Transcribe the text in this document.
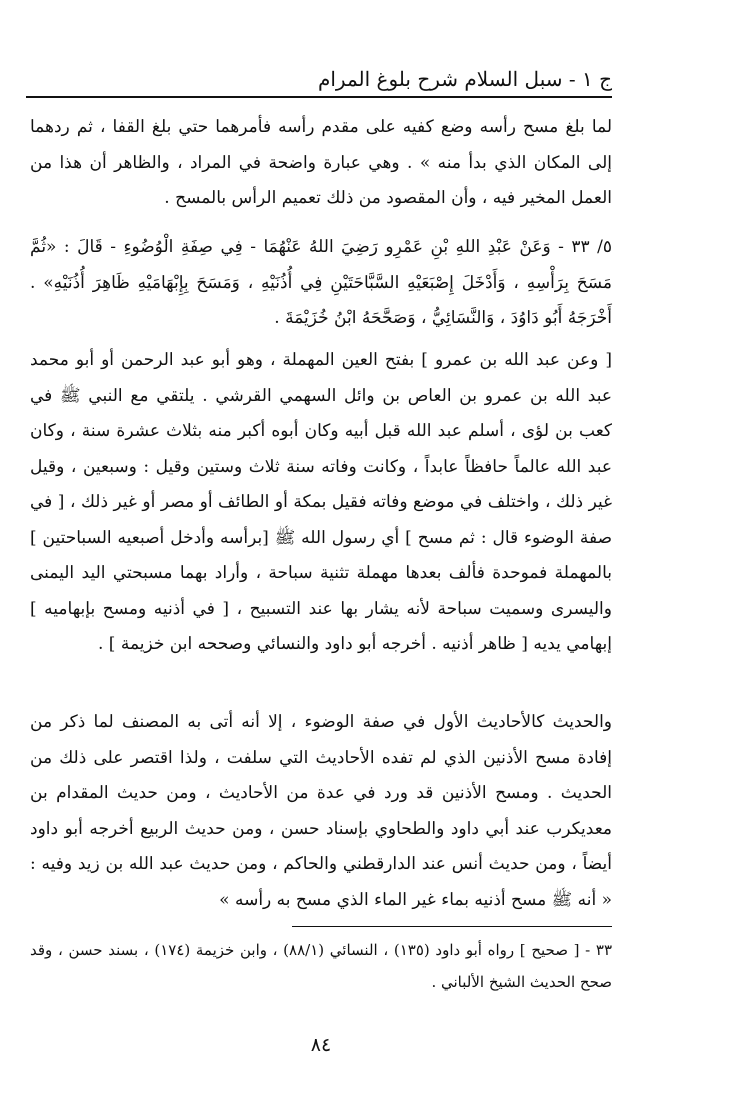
ج ١ - سبل السلام شرح بلوغ المرام

لما بلغ مسح رأسه وضع كفيه على مقدم رأسه فأمرهما حتي بلغ القفا ، ثم ردهما إلى المكان الذي بدأ منه » . وهي عبارة واضحة في المراد ، والظاهر أن هذا من العمل المخير فيه ، وأن المقصود من ذلك تعميم الرأس بالمسح .

٥/ ٣٣ - وَعَنْ عَبْدِ اللهِ بْنِ عَمْرِو رَضِيَ اللهُ عَنْهُمَا - فِي صِفَةِ الْوُضُوءِ - قَالَ : «ثُمَّ مَسَحَ بِرَأْسِهِ ، وَأَدْخَلَ إِصْبَعَيْهِ السَّبَّاحَتَيْنِ فِي أُذُنَيْهِ ، وَمَسَحَ بِإِبْهَامَيْهِ ظَاهِرَ أُذُنَيْهِ» . أَخْرَجَهُ أَبُو دَاوُدَ ، وَالنَّسَائِيُّ ، وَصَحَّحَهُ ابْنُ خُزَيْمَةَ .

[ وعن عبد الله بن عمرو ] بفتح العين المهملة ، وهو أبو عبد الرحمن أو أبو محمد عبد الله بن عمرو بن العاص بن وائل السهمي القرشي . يلتقي مع النبي ﷺ في كعب بن لؤى ، أسلم عبد الله قبل أبيه وكان أبوه أكبر منه بثلاث عشرة سنة ، وكان عبد الله عالماً حافظاً عابداً ، وكانت وفاته سنة ثلاث وستين وقيل : وسبعين ، وقيل غير ذلك ، واختلف في موضع وفاته فقيل بمكة أو الطائف أو مصر أو غير ذلك ، [ في صفة الوضوء قال : ثم مسح ] أي رسول الله ﷺ [برأسه وأدخل أصبعيه السباحتين ] بالمهملة فموحدة فألف بعدها مهملة تثنية سباحة ، وأراد بهما مسبحتي اليد اليمنى واليسرى وسميت سباحة لأنه يشار بها عند التسبيح ، [ في أذنيه ومسح بإبهاميه ] إبهامي يديه [ ظاهر أذنيه . أخرجه أبو داود والنسائي وصححه ابن خزيمة ] .

والحديث كالأحاديث الأول في صفة الوضوء ، إلا أنه أتى به المصنف لما ذكر من إفادة مسح الأذنين الذي لم تفده الأحاديث التي سلفت ، ولذا اقتصر على ذلك من الحديث . ومسح الأذنين قد ورد في عدة من الأحاديث ، ومن حديث المقدام بن معديكرب عند أبي داود والطحاوي بإسناد حسن ، ومن حديث الربيع أخرجه أبو داود أيضاً ، ومن حديث أنس عند الدارقطني والحاكم ، ومن حديث عبد الله بن زيد وفيه : « أنه ﷺ مسح أذنيه بماء غير الماء الذي مسح به رأسه »

٣٣ - [ صحيح ] رواه أبو داود (١٣٥) ، النسائي (٨٨/١) ، وابن خزيمة (١٧٤) ، بسند حسن ، وقد صحح الحديث الشيخ الألباني .

٨٤
